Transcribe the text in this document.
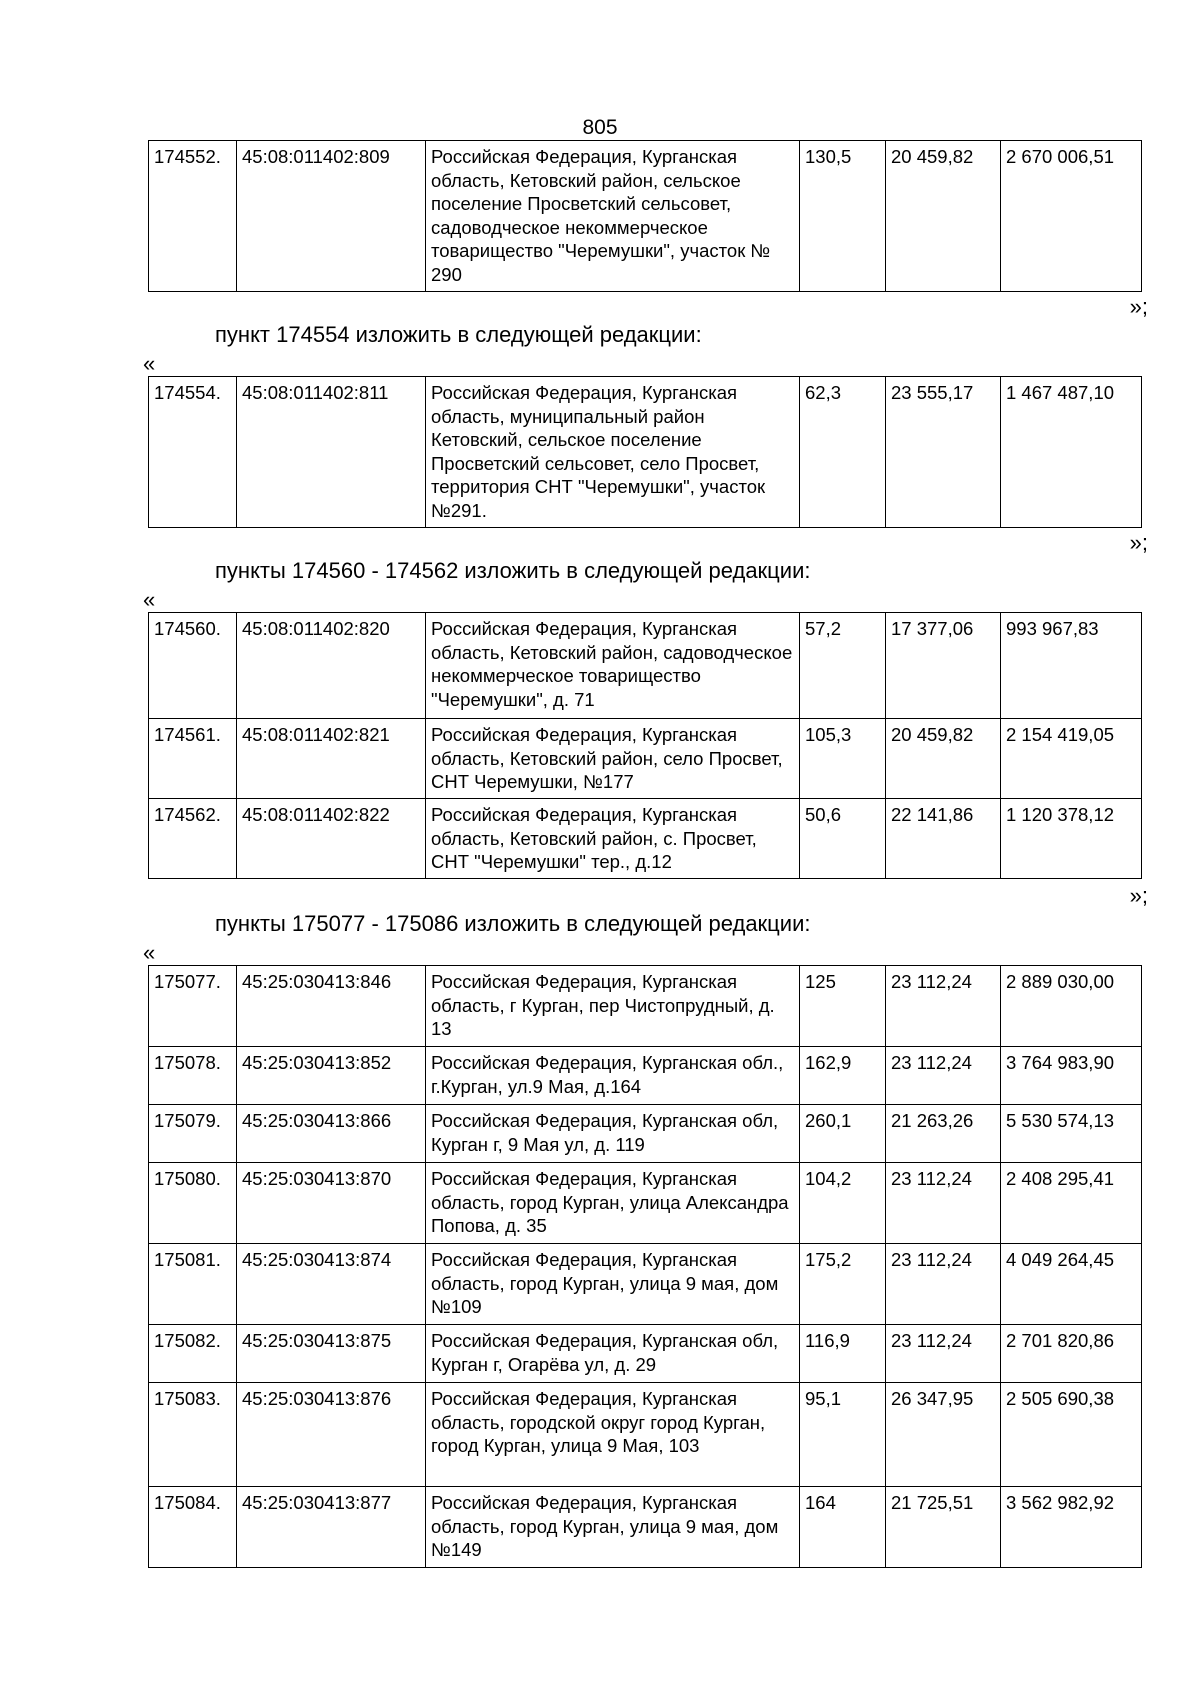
805
174552.	45:08:011402:809	Российская Федерация, Курганская область, Кетовский район, сельское поселение Просветский сельсовет, садоводческое некоммерческое товарищество "Черемушки", участок № 290	130,5	20 459,82	2 670 006,51
»;
пункт 174554 изложить в следующей редакции:
«
174554.	45:08:011402:811	Российская Федерация, Курганская область, муниципальный район Кетовский, сельское поселение Просветский сельсовет, село Просвет, территория СНТ "Черемушки", участок №291.	62,3	23 555,17	1 467 487,10
»;
пункты 174560 - 174562 изложить в следующей редакции:
«
174560.	45:08:011402:820	Российская Федерация, Курганская область, Кетовский район, садоводческое некоммерческое товарищество "Черемушки", д. 71	57,2	17 377,06	993 967,83
174561.	45:08:011402:821	Российская Федерация, Курганская область, Кетовский район, село Просвет, СНТ Черемушки, №177	105,3	20 459,82	2 154 419,05
174562.	45:08:011402:822	Российская Федерация, Курганская область, Кетовский район, с. Просвет, СНТ "Черемушки" тер., д.12	50,6	22 141,86	1 120 378,12
»;
пункты 175077 - 175086 изложить в следующей редакции:
«
175077.	45:25:030413:846	Российская Федерация, Курганская область, г Курган, пер Чистопрудный, д. 13	125	23 112,24	2 889 030,00
175078.	45:25:030413:852	Российская Федерация, Курганская обл., г.Курган, ул.9 Мая, д.164	162,9	23 112,24	3 764 983,90
175079.	45:25:030413:866	Российская Федерация, Курганская обл, Курган г, 9 Мая ул, д. 119	260,1	21 263,26	5 530 574,13
175080.	45:25:030413:870	Российская Федерация, Курганская область, город Курган, улица Александра Попова, д. 35	104,2	23 112,24	2 408 295,41
175081.	45:25:030413:874	Российская Федерация, Курганская область, город Курган, улица 9 мая, дом №109	175,2	23 112,24	4 049 264,45
175082.	45:25:030413:875	Российская Федерация, Курганская обл, Курган г, Огарёва ул, д. 29	116,9	23 112,24	2 701 820,86
175083.	45:25:030413:876	Российская Федерация, Курганская область, городской округ город Курган, город Курган, улица 9 Мая, 103	95,1	26 347,95	2 505 690,38
175084.	45:25:030413:877	Российская Федерация, Курганская область, город Курган, улица 9 мая, дом №149	164	21 725,51	3 562 982,92
